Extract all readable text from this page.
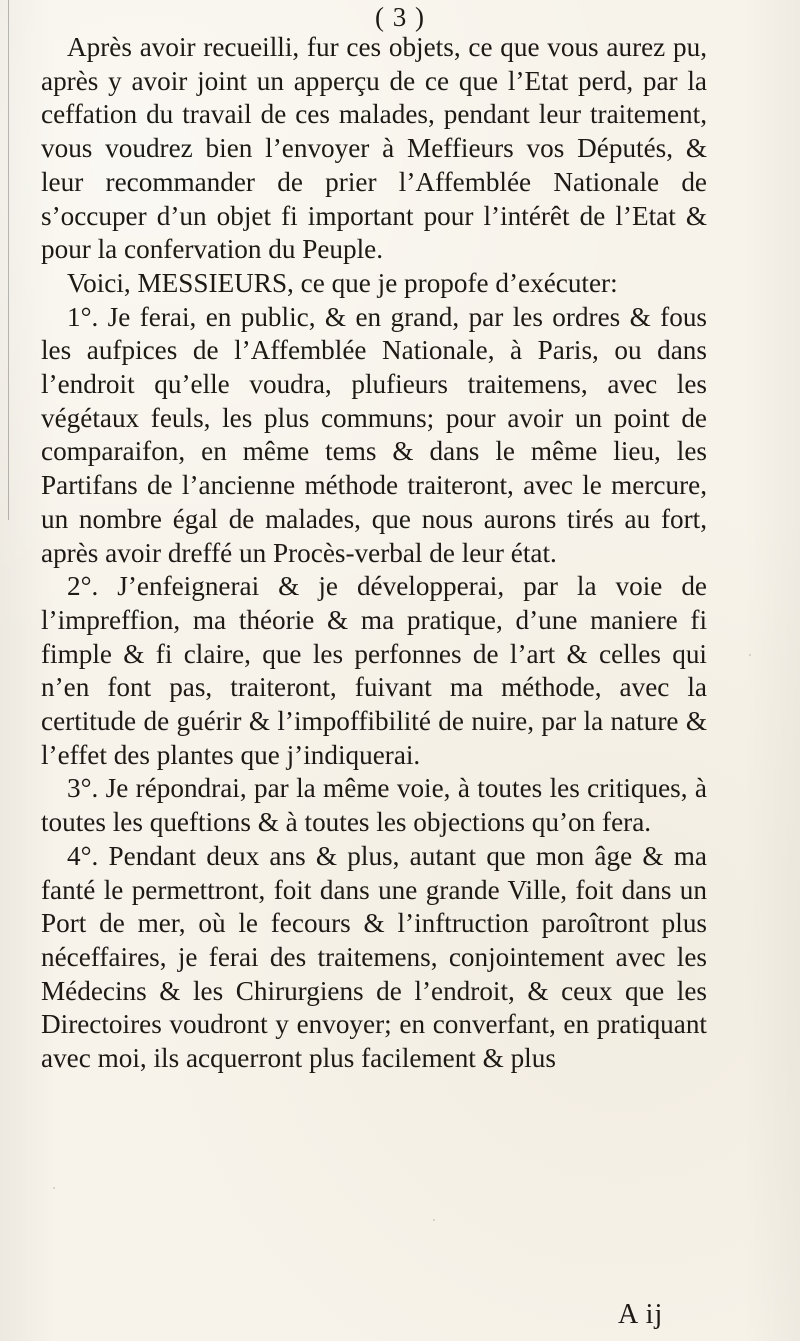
( 3 )

Après avoir recueilli, fur ces objets, ce que vous aurez pu, après y avoir joint un apperçu de ce que l’Etat perd, par la ceffation du travail de ces malades, pendant leur traitement, vous voudrez bien l’envoyer à Meffieurs vos Députés, & leur recommander de prier l’Affemblée Nationale de s’occuper d’un objet fi important pour l’intérêt de l’Etat & pour la confervation du Peuple.

Voici, MESSIEURS, ce que je propofe d’exécuter:

1°. Je ferai, en public, & en grand, par les ordres & fous les aufpices de l’Affemblée Nationale, à Paris, ou dans l’endroit qu’elle voudra, plufieurs traitemens, avec les végétaux feuls, les plus communs; pour avoir un point de comparaifon, en même tems & dans le même lieu, les Partifans de l’ancienne méthode traiteront, avec le mercure, un nombre égal de malades, que nous aurons tirés au fort, après avoir dreffé un Procès-verbal de leur état.

2°. J’enfeignerai & je développerai, par la voie de l’impreffion, ma théorie & ma pratique, d’une maniere fi fimple & fi claire, que les perfonnes de l’art & celles qui n’en font pas, traiteront, fuivant ma méthode, avec la certitude de guérir & l’impoffibilité de nuire, par la nature & l’effet des plantes que j’indiquerai.

3°. Je répondrai, par la même voie, à toutes les critiques, à toutes les queftions & à toutes les objections qu’on fera.

4°. Pendant deux ans & plus, autant que mon âge & ma fanté le permettront, foit dans une grande Ville, foit dans un Port de mer, où le fecours & l’inftruction paroîtront plus néceffaires, je ferai des traitemens, conjointement avec les Médecins & les Chirurgiens de l’endroit, & ceux que les Directoires voudront y envoyer; en converfant, en pratiquant avec moi, ils acquerront plus facilement & plus

A ij
